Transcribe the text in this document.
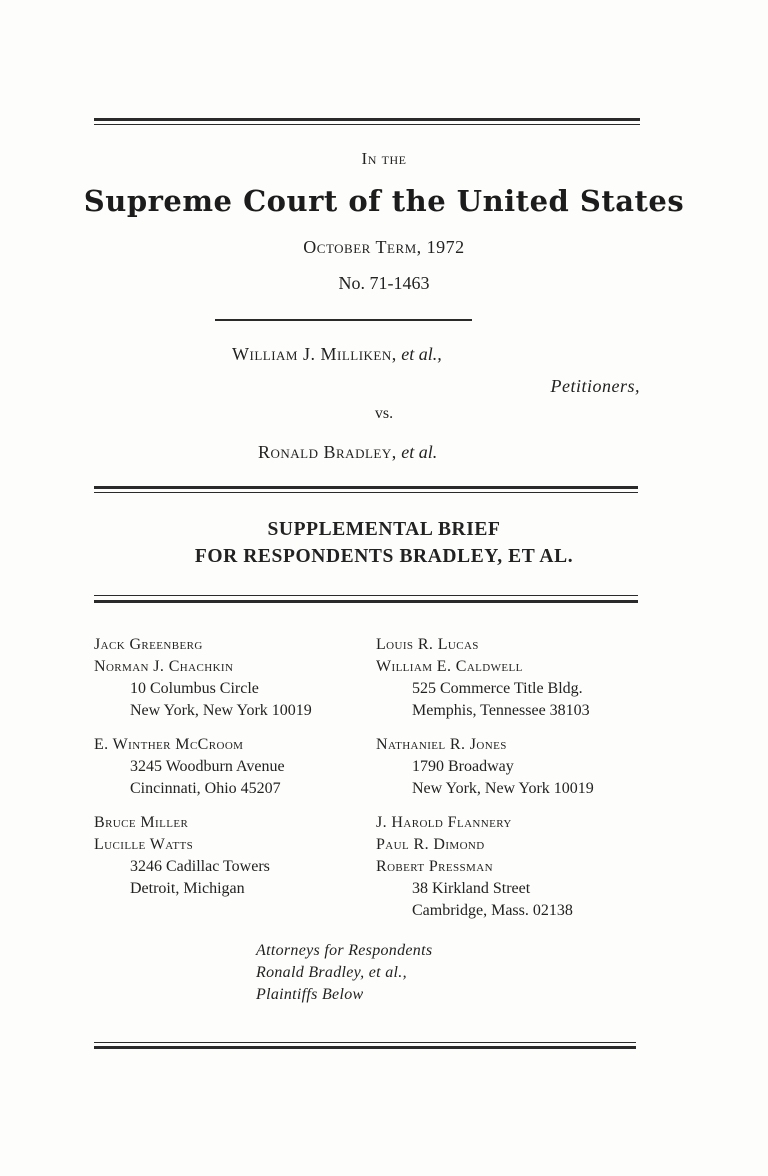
In the
Supreme Court of the United States
October Term, 1972
No. 71-1463
William J. Milliken, et al.,
Petitioners,
vs.
Ronald Bradley, et al.
SUPPLEMENTAL BRIEF
FOR RESPONDENTS BRADLEY, ET AL.
Jack Greenberg
Norman J. Chachkin
10 Columbus Circle
New York, New York 10019
E. Winther McCroom
3245 Woodburn Avenue
Cincinnati, Ohio 45207
Bruce Miller
Lucille Watts
3246 Cadillac Towers
Detroit, Michigan
Louis R. Lucas
William E. Caldwell
525 Commerce Title Bldg.
Memphis, Tennessee 38103
Nathaniel R. Jones
1790 Broadway
New York, New York 10019
J. Harold Flannery
Paul R. Dimond
Robert Pressman
38 Kirkland Street
Cambridge, Mass. 02138
Attorneys for Respondents
Ronald Bradley, et al.,
Plaintiffs Below
